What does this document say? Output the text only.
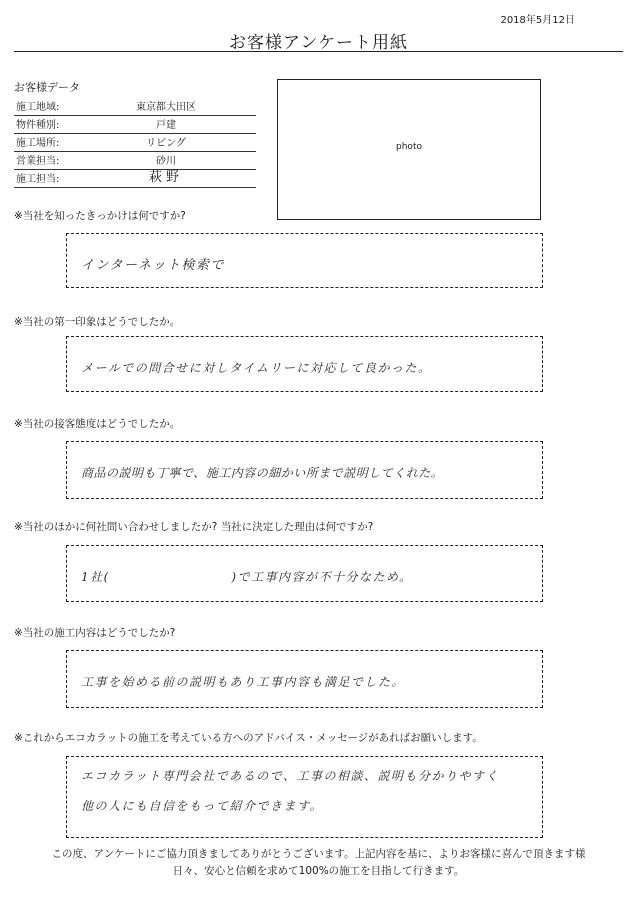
2018年5月12日
お客様アンケート用紙
お客様データ
施工地域:	東京都大田区
物件種別:	戸建
施工場所:	リビング
営業担当:	砂川
施工担当:	萩野
photo
※当社を知ったきっかけは何ですか?
インターネット検索で
※当社の第一印象はどうでしたか。
メールでの問合せに対しタイムリーに対応して良かった。
※当社の接客態度はどうでしたか。
商品の説明も丁寧で、施工内容の細かい所まで説明してくれた。
※当社のほかに何社問い合わせしましたか? 当社に決定した理由は何ですか?
1社(　　　　　　　　　)で工事内容が不十分なため。
※当社の施工内容はどうでしたか?
工事を始める前の説明もあり工事内容も満足でした。
※これからエコカラットの施工を考えている方へのアドバイス・メッセージがあればお願いします。
エコカラット専門会社であるので、工事の相談、説明も分かりやすく
他の人にも自信をもって紹介できます。
この度、アンケートにご協力頂きましてありがとうございます。上記内容を基に、よりお客様に喜んで頂きます様
日々、安心と信頼を求めて100%の施工を目指して行きます。
